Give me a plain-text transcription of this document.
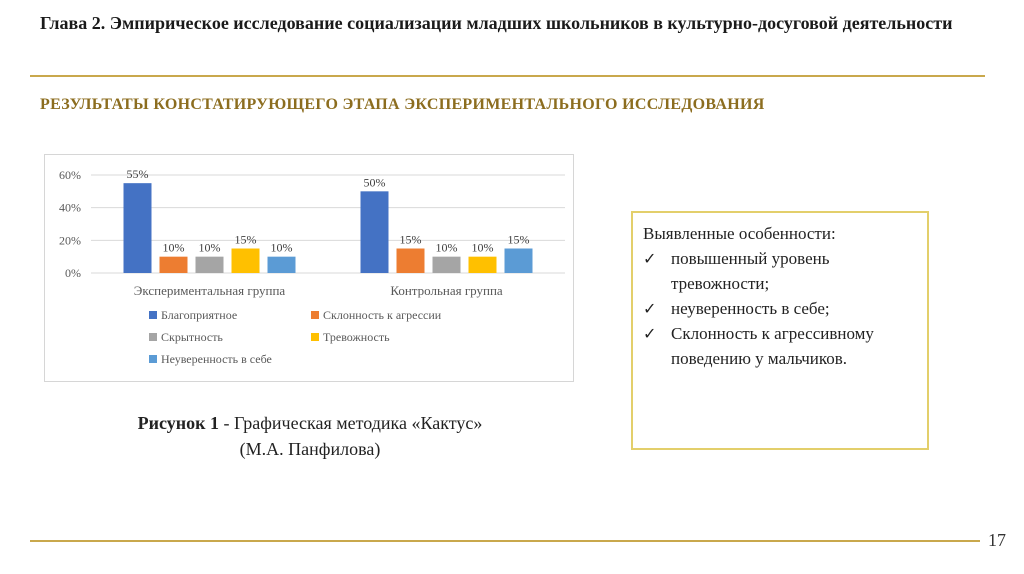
Глава 2. Эмпирическое исследование социализации младших школьников в культурно-досуговой деятельности
РЕЗУЛЬТАТЫ КОНСТАТИРУЮЩЕГО ЭТАПА ЭКСПЕРИМЕНТАЛЬНОГО ИССЛЕДОВАНИЯ
0%
20%
40%
60%	55%
10% 10%
15%
10%
Экспериментальная группа
50%
15%
10% 10%
15%
Контрольная группа
Благоприятное	Склонность к агрессии
Скрытность	Тревожность
Неуверенность в себе
Рисунок 1 - Графическая методика «Кактус»
(М.А. Панфилова)
Выявленные особенности:
✓ повышенный уровень тревожности;
✓ неуверенность в себе;
✓ Склонность к агрессивному поведению у мальчиков.
17
